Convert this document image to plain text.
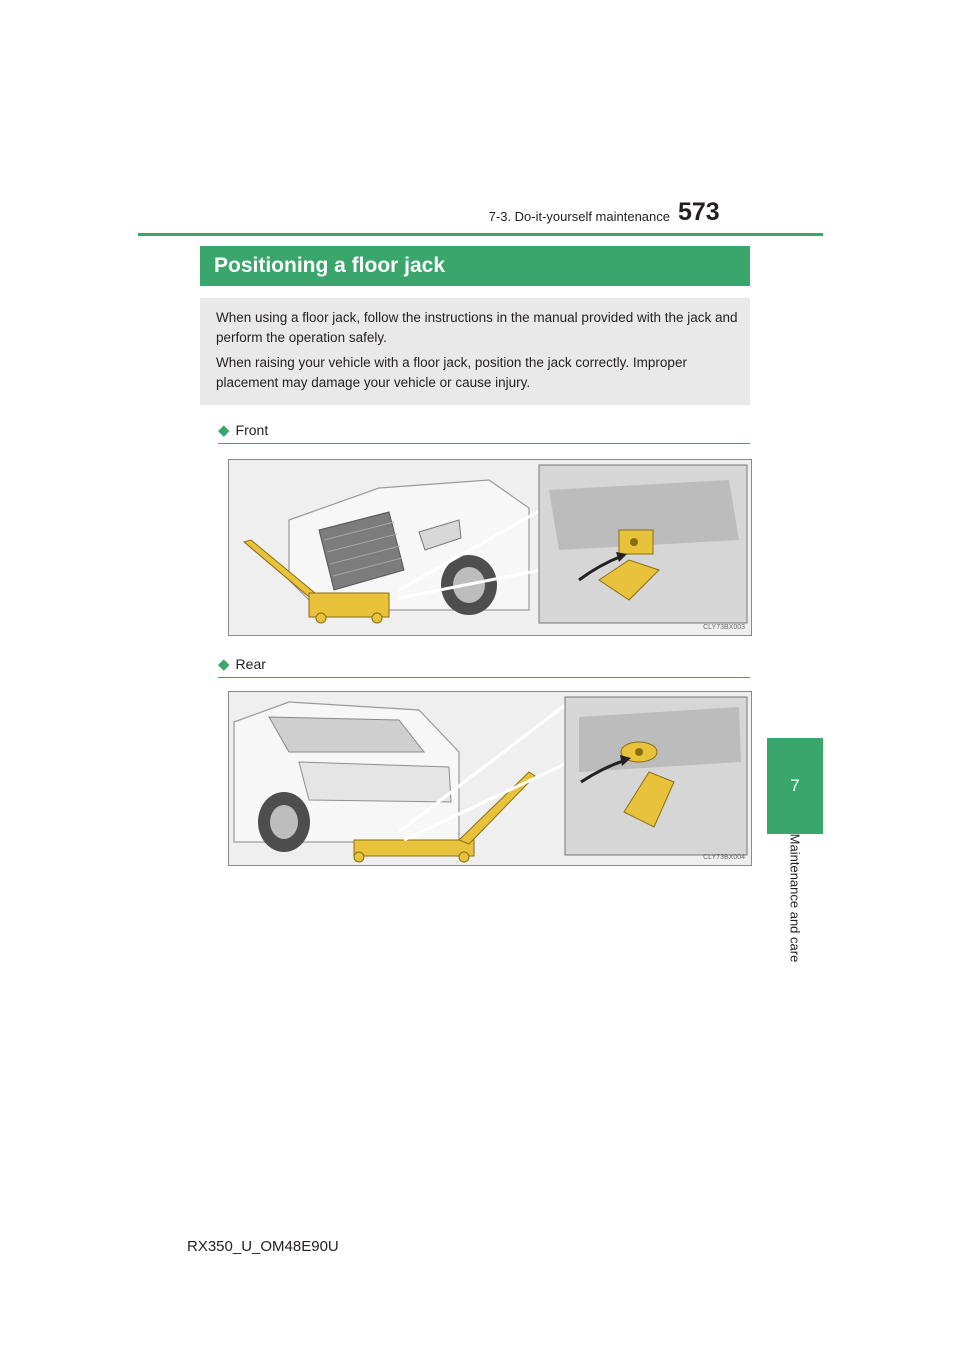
7-3. Do-it-yourself maintenance 573
7
Maintenance and care
Positioning a floor jack

When using a floor jack, follow the instructions in the manual provided with the jack and perform the operation safely.

When raising your vehicle with a floor jack, position the jack correctly. Improper placement may damage your vehicle or cause injury.

◆ Front
CLY73BX003
◆ Rear
CLY73BX004
RX350_U_OM48E90U
